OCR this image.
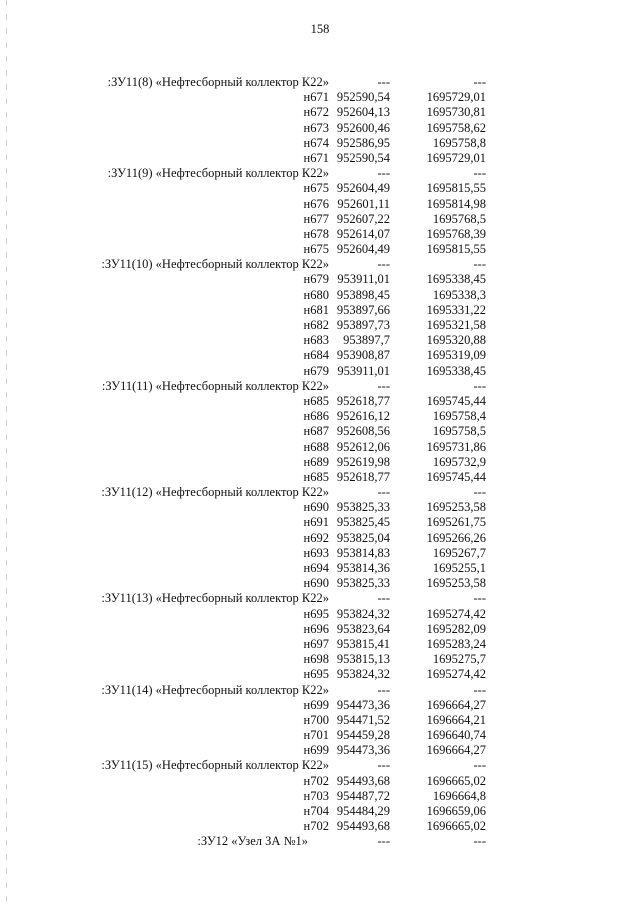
158
:ЗУ11(8) «Нефтесборный коллектор К22»	---	---
н671 952590,54	1695729,01
н672 952604,13	1695730,81
н673 952600,46	1695758,62
н674 952586,95	1695758,8
н671 952590,54	1695729,01
:ЗУ11(9) «Нефтесборный коллектор К22»	---	---
н675 952604,49	1695815,55
н676 952601,11	1695814,98
н677 952607,22	1695768,5
н678 952614,07	1695768,39
н675 952604,49	1695815,55
:ЗУ11(10) «Нефтесборный коллектор К22»	---	---
н679 953911,01	1695338,45
н680 953898,45	1695338,3
н681 953897,66	1695331,22
н682 953897,73	1695321,58
н683 953897,7	1695320,88
н684 953908,87	1695319,09
н679 953911,01	1695338,45
:ЗУ11(11) «Нефтесборный коллектор К22»	---	---
н685 952618,77	1695745,44
н686 952616,12	1695758,4
н687 952608,56	1695758,5
н688 952612,06	1695731,86
н689 952619,98	1695732,9
н685 952618,77	1695745,44
:ЗУ11(12) «Нефтесборный коллектор К22»	---	---
н690 953825,33	1695253,58
н691 953825,45	1695261,75
н692 953825,04	1695266,26
н693 953814,83	1695267,7
н694 953814,36	1695255,1
н690 953825,33	1695253,58
:ЗУ11(13) «Нефтесборный коллектор К22»	---	---
н695 953824,32	1695274,42
н696 953823,64	1695282,09
н697 953815,41	1695283,24
н698 953815,13	1695275,7
н695 953824,32	1695274,42
:ЗУ11(14) «Нефтесборный коллектор К22»	---	---
н699 954473,36	1696664,27
н700 954471,52	1696664,21
н701 954459,28	1696640,74
н699 954473,36	1696664,27
:ЗУ11(15) «Нефтесборный коллектор К22»	---	---
н702 954493,68	1696665,02
н703 954487,72	1696664,8
н704 954484,29	1696659,06
н702 954493,68	1696665,02
:ЗУ12 «Узел ЗА №1»	---	---
